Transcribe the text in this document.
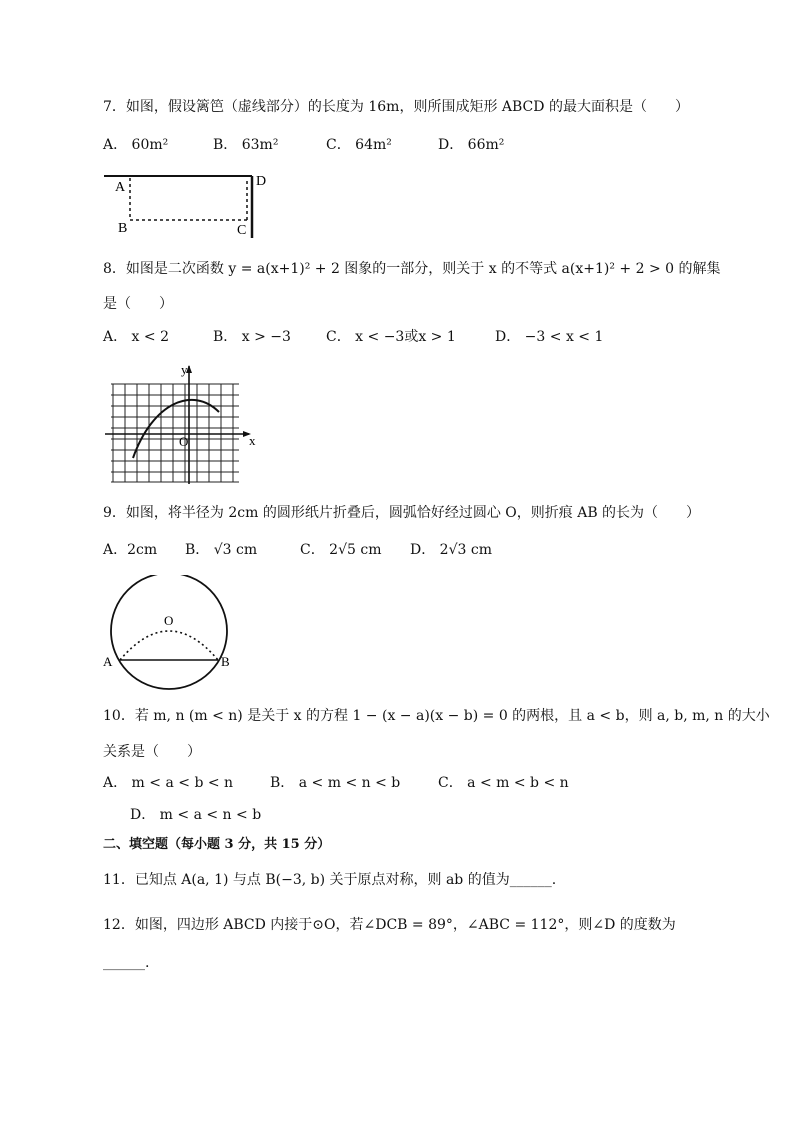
7．如图，假设篱笆（虚线部分）的长度为 16m，则所围成矩形 ABCD 的最大面积是（　　）
A． 60m²	B． 63m²	C． 64m²	D． 66m²
A	D
B	C
8．如图是二次函数 y = a(x+1)² + 2 图象的一部分，则关于 x 的不等式 a(x+1)² + 2 > 0 的解集
是（　　）
A． x < 2	B． x > −3	C． x < −3或x > 1	D． −3 < x < 1
y
x
O
9．如图，将半径为 2cm 的圆形纸片折叠后，圆弧恰好经过圆心 O，则折痕 AB 的长为（　　）
A．2cm B． √3 cm	C． 2√5 cm D． 2√3 cm
O
A	B
10．若 m, n (m < n) 是关于 x 的方程 1 − (x − a)(x − b) = 0 的两根，且 a < b，则 a, b, m, n 的大小
关系是（　　）
A． m < a < b < n	B． a < m < n < b	C． a < m < b < n
D． m < a < n < b
二、填空题（每小题 3 分，共 15 分）
11．已知点 A(a, 1) 与点 B(−3, b) 关于原点对称，则 ab 的值为______.
12．如图，四边形 ABCD 内接于⊙O，若∠DCB = 89°，∠ABC = 112°，则∠D 的度数为
______.
